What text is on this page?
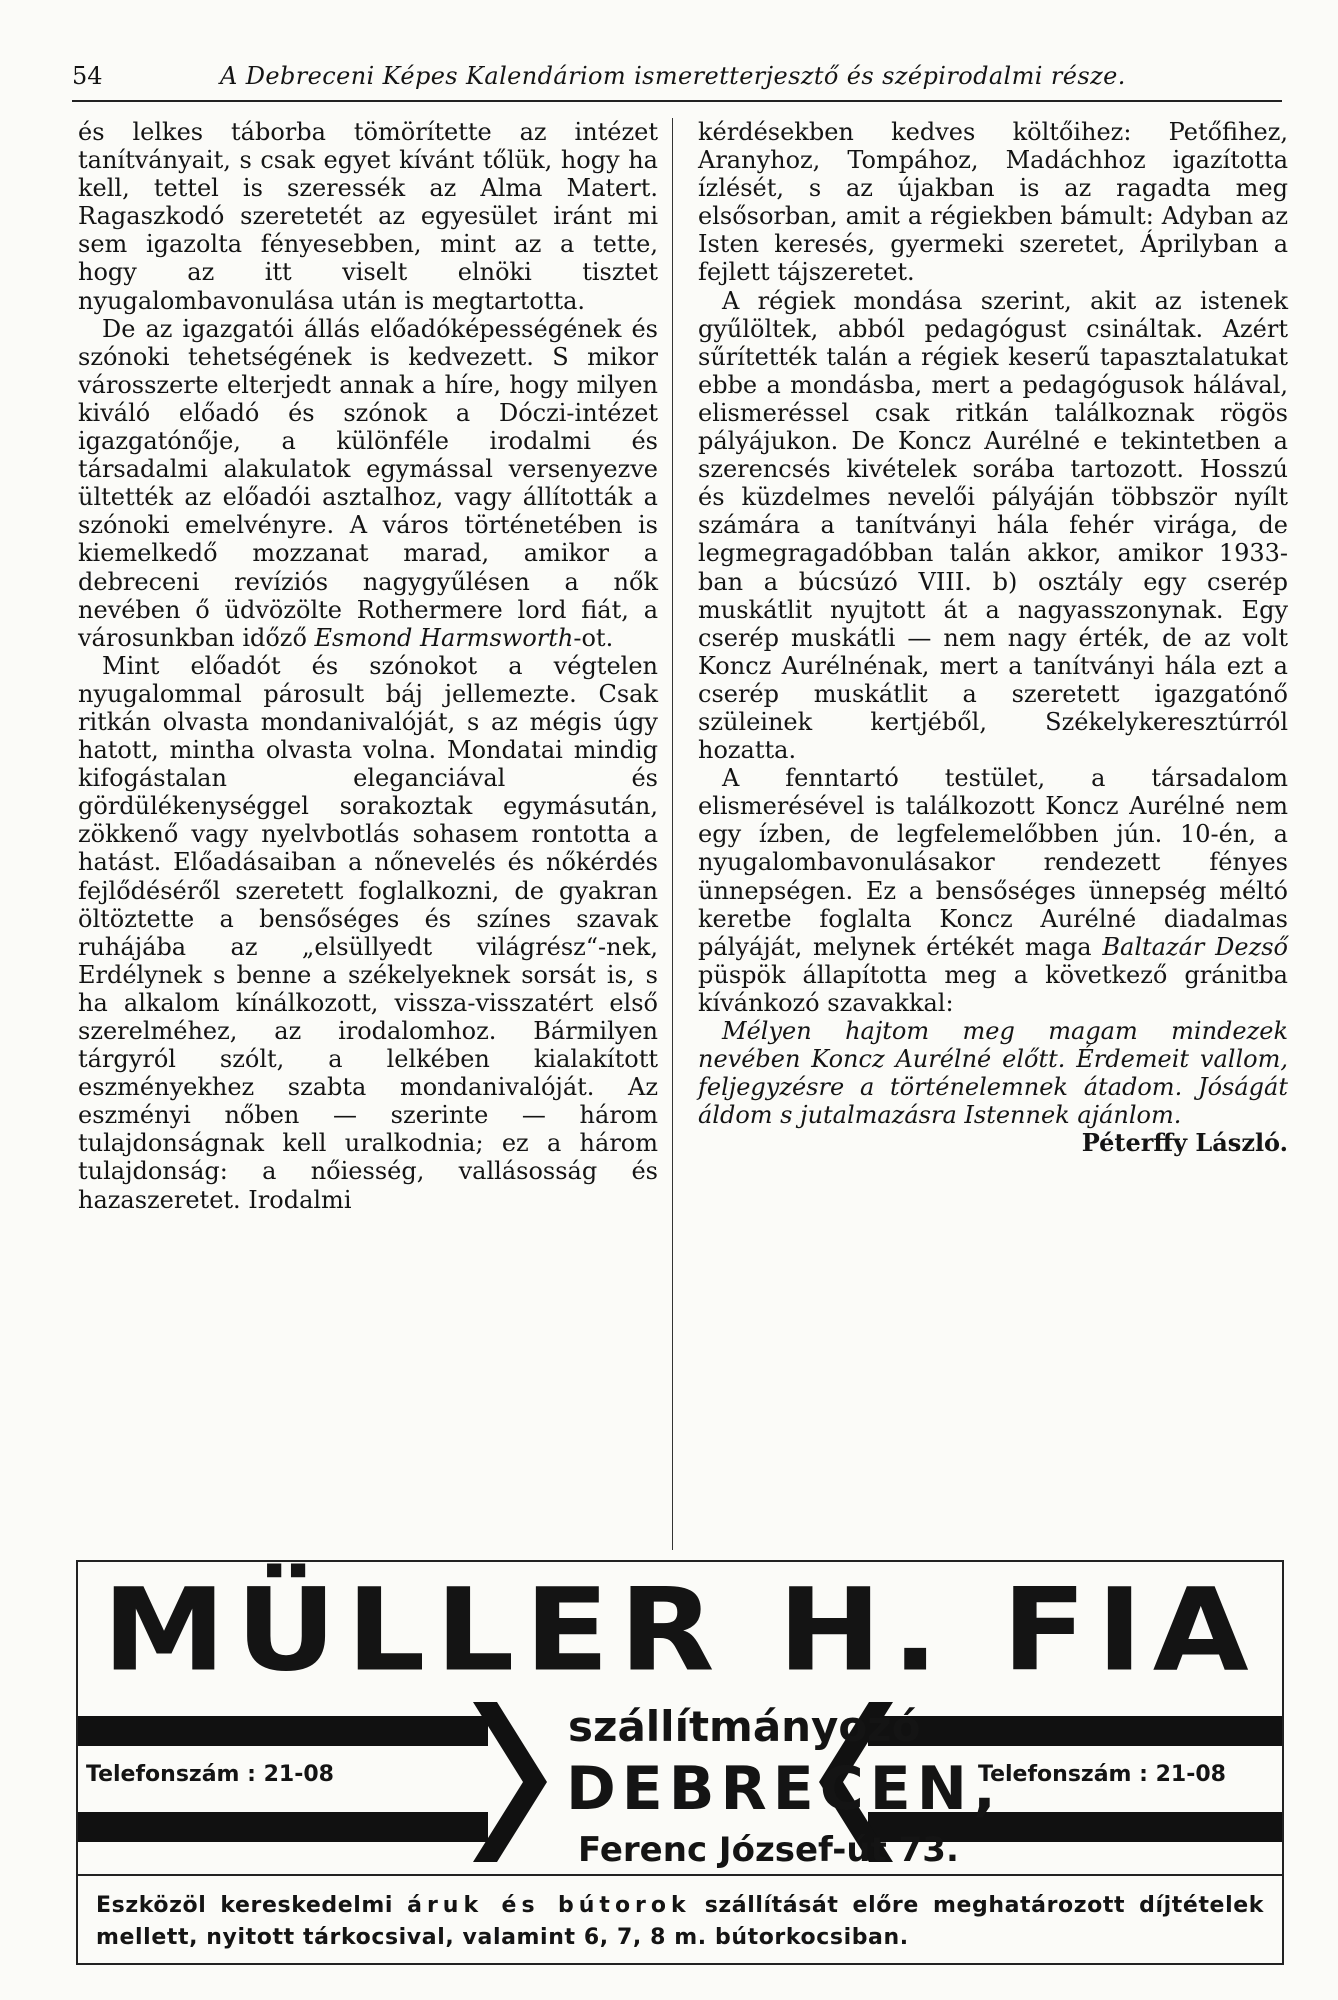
54	A Debreceni Képes Kalendáriom ismeretterjesztő és szépirodalmi része.

és lelkes táborba tömörítette az intézet tanítványait, s csak egyet kívánt tőlük, hogy ha kell, tettel is szeressék az Alma Matert. Ragaszkodó szeretetét az egyesület iránt mi sem igazolta fényesebben, mint az a tette, hogy az itt viselt elnöki tisztet nyugalombavonulása után is megtartotta.

De az igazgatói állás előadóképességének és szónoki tehetségének is kedvezett. S mikor városszerte elterjedt annak a híre, hogy milyen kiváló előadó és szónok a Dóczi-intézet igazgatónője, a különféle irodalmi és társadalmi alakulatok egymással versenyezve ültették az előadói asztalhoz, vagy állították a szónoki emelvényre. A város történetében is kiemelkedő mozzanat marad, amikor a debreceni revíziós nagygyűlésen a nők nevében ő üdvözölte Rothermere lord fiát, a városunkban időző Esmond Harmsworth-ot.

Mint előadót és szónokot a végtelen nyugalommal párosult báj jellemezte. Csak ritkán olvasta mondanivalóját, s az mégis úgy hatott, mintha olvasta volna. Mondatai mindig kifogástalan eleganciával és gördülékenységgel sorakoztak egymásután, zökkenő vagy nyelvbotlás sohasem rontotta a hatást. Előadásaiban a nőnevelés és nőkérdés fejlődéséről szeretett foglalkozni, de gyakran öltöztette a bensőséges és színes szavak ruhájába az „elsüllyedt világrész“-nek, Erdélynek s benne a székelyeknek sorsát is, s ha alkalom kínálkozott, vissza-visszatért első szerelméhez, az irodalomhoz. Bármilyen tárgyról szólt, a lelkében kialakított eszményekhez szabta mondanivalóját. Az eszményi nőben — szerinte — három tulajdonságnak kell uralkodnia; ez a három tulajdonság: a nőiesség, vallásosság és hazaszeretet. Irodalmi

kérdésekben kedves költőihez: Petőfihez, Aranyhoz, Tompához, Madáchhoz igazította ízlését, s az újakban is az ragadta meg elsősorban, amit a régiekben bámult: Adyban az Isten keresés, gyermeki szeretet, Áprilyban a fejlett tájszeretet.

A régiek mondása szerint, akit az istenek gyűlöltek, abból pedagógust csináltak. Azért sűrítették talán a régiek keserű tapasztalatukat ebbe a mondásba, mert a pedagógusok hálával, elismeréssel csak ritkán találkoznak rögös pályájukon. De Koncz Aurélné e tekintetben a szerencsés kivételek sorába tartozott. Hosszú és küzdelmes nevelői pályáján többször nyílt számára a tanítványi hála fehér virága, de legmegragadóbban talán akkor, amikor 1933-ban a búcsúzó VIII. b) osztály egy cserép muskátlit nyujtott át a nagyasszonynak. Egy cserép muskátli — nem nagy érték, de az volt Koncz Aurélnénak, mert a tanítványi hála ezt a cserép muskátlit a szeretett igazgatónő szüleinek kertjéből, Székelykeresztúrról hozatta.

A fenntartó testület, a társadalom elismerésével is találkozott Koncz Aurélné nem egy ízben, de legfelemelőbben jún. 10-én, a nyugalombavonulásakor rendezett fényes ünnepségen. Ez a bensőséges ünnepség méltó keretbe foglalta Koncz Aurélné diadalmas pályáját, melynek értékét maga Baltazár Dezső püspök állapította meg a következő gránitba kívánkozó szavakkal:

Mélyen hajtom meg magam mindezek nevében Koncz Aurélné előtt. Érdemeit vallom, feljegyzésre a történelemnek átadom. Jóságát áldom s jutalmazásra Istennek ajánlom.

Péterffy László.

MÜLLER H. FIA
Telefonszám : 21-08	Telefonszám : 21-08
szállítmányozó
DEBRECEN,
Ferenc József-út 73.
Eszközöl kereskedelmi áruk és bútorok szállítását előre meghatározott díjtételek mellett, nyitott tárkocsival, valamint 6, 7, 8 m. bútorkocsiban.
